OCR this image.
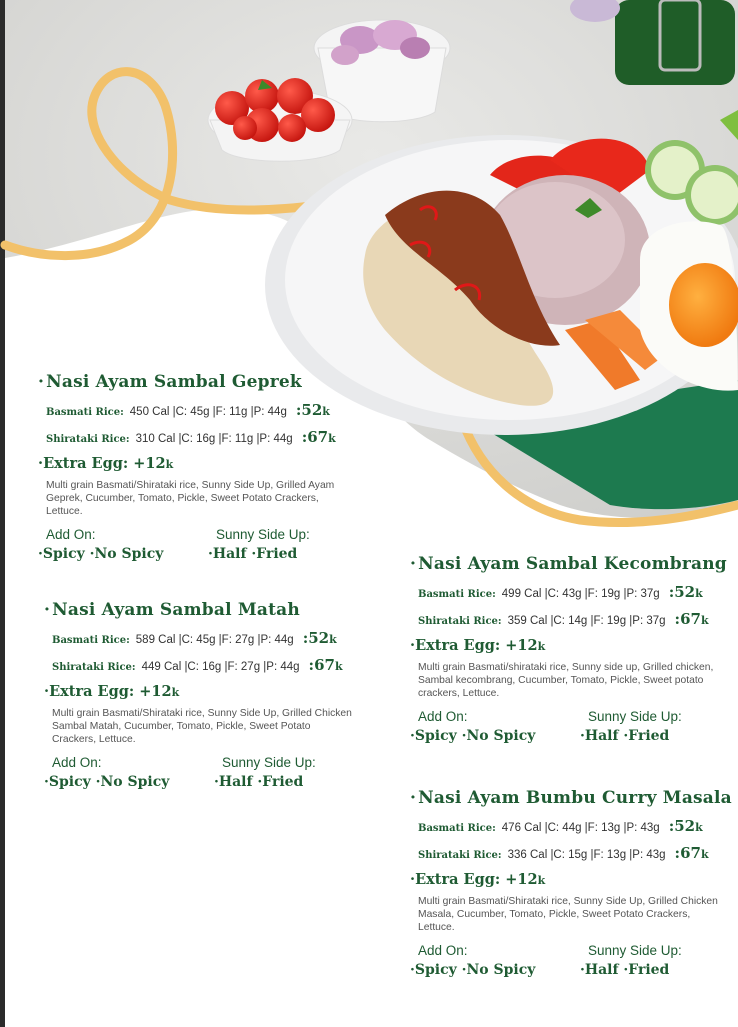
· Nasi Ayam Sambal Geprek
Basmati Rice: 450 Cal |C: 45g |F: 11g |P: 44g :52k
Shirataki Rice: 310 Cal |C: 16g |F: 11g |P: 44g :67k
·Extra Egg: +12k
Multi grain Basmati/Shirataki rice, Sunny Side Up, Grilled Ayam Geprek, Cucumber, Tomato, Pickle, Sweet Potato Crackers, Lettuce.
Add On:
·Spicy ·No Spicy
Sunny Side Up:
·Half ·Fried
· Nasi Ayam Sambal Matah
Basmati Rice: 589 Cal |C: 45g |F: 27g |P: 44g :52k
Shirataki Rice: 449 Cal |C: 16g |F: 27g |P: 44g :67k
·Extra Egg: +12k
Multi grain Basmati/Shirataki rice, Sunny Side Up, Grilled Chicken Sambal Matah, Cucumber, Tomato, Pickle, Sweet Potato Crackers, Lettuce.
Add On:
·Spicy ·No Spicy
Sunny Side Up:
·Half ·Fried
· Nasi Ayam Sambal Kecombrang
Basmati Rice: 499 Cal |C: 43g |F: 19g |P: 37g :52k
Shirataki Rice: 359 Cal |C: 14g |F: 19g |P: 37g :67k
·Extra Egg: +12k
Multi grain Basmati/shirataki rice, Sunny side up, Grilled chicken, Sambal kecombrang, Cucumber, Tomato, Pickle, Sweet potato crackers, Lettuce.
Add On:
·Spicy ·No Spicy
Sunny Side Up:
·Half ·Fried
· Nasi Ayam Bumbu Curry Masala
Basmati Rice: 476 Cal |C: 44g |F: 13g |P: 43g :52k
Shirataki Rice: 336 Cal |C: 15g |F: 13g |P: 43g :67k
·Extra Egg: +12k
Multi grain Basmati/Shirataki rice, Sunny Side Up, Grilled Chicken Masala, Cucumber, Tomato, Pickle, Sweet Potato Crackers, Lettuce.
Add On:
·Spicy ·No Spicy
Sunny Side Up:
·Half ·Fried
